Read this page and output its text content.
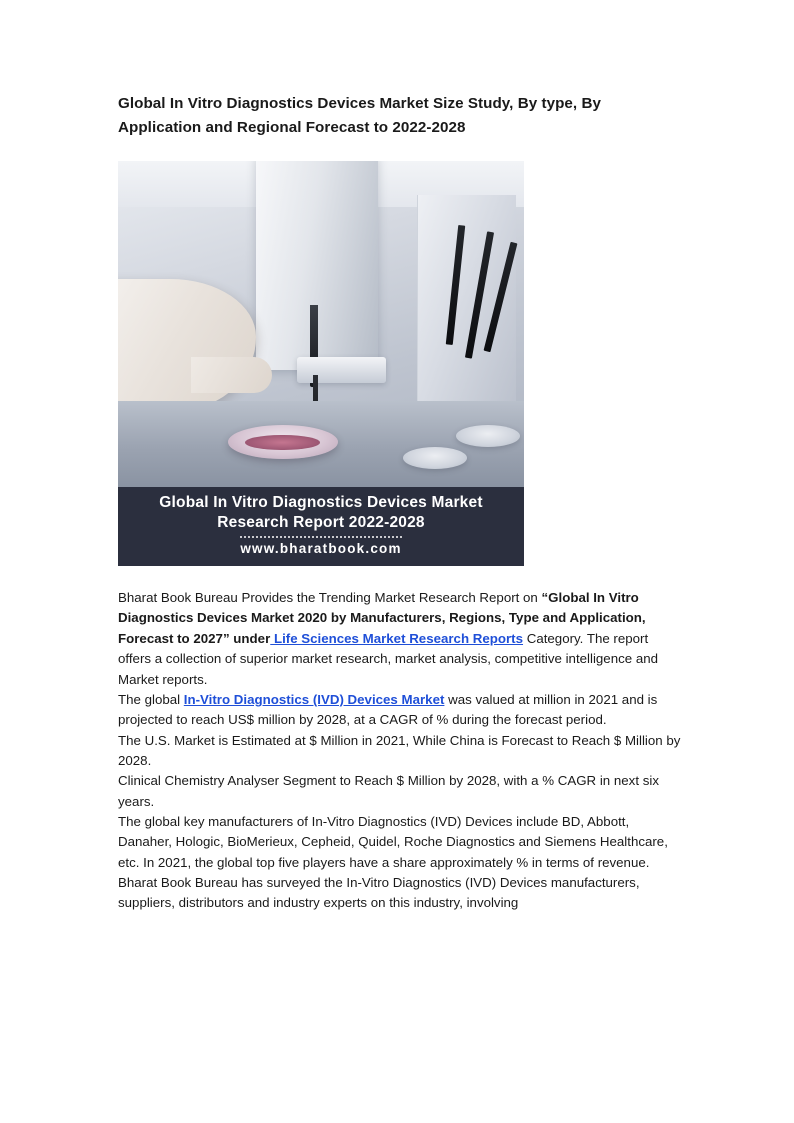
Global In Vitro Diagnostics Devices Market Size Study, By type, By Application and Regional Forecast to 2022-2028
Global In Vitro Diagnostics Devices Market Research Report 2022-2028
www.bharatbook.com

Bharat Book Bureau Provides the Trending Market Research Report on “Global In Vitro Diagnostics Devices Market 2020 by Manufacturers, Regions, Type and Application, Forecast to 2027” under Life Sciences Market Research Reports Category. The report offers a collection of superior market research, market analysis, competitive intelligence and Market reports.

The global In-Vitro Diagnostics (IVD) Devices Market was valued at million in 2021 and is projected to reach US$ million by 2028, at a CAGR of % during the forecast period.

The U.S. Market is Estimated at $ Million in 2021, While China is Forecast to Reach $ Million by 2028.

Clinical Chemistry Analyser Segment to Reach $ Million by 2028, with a % CAGR in next six years.

The global key manufacturers of In-Vitro Diagnostics (IVD) Devices include BD, Abbott, Danaher, Hologic, BioMerieux, Cepheid, Quidel, Roche Diagnostics and Siemens Healthcare, etc. In 2021, the global top five players have a share approximately % in terms of revenue.

Bharat Book Bureau has surveyed the In-Vitro Diagnostics (IVD) Devices manufacturers, suppliers, distributors and industry experts on this industry, involving
